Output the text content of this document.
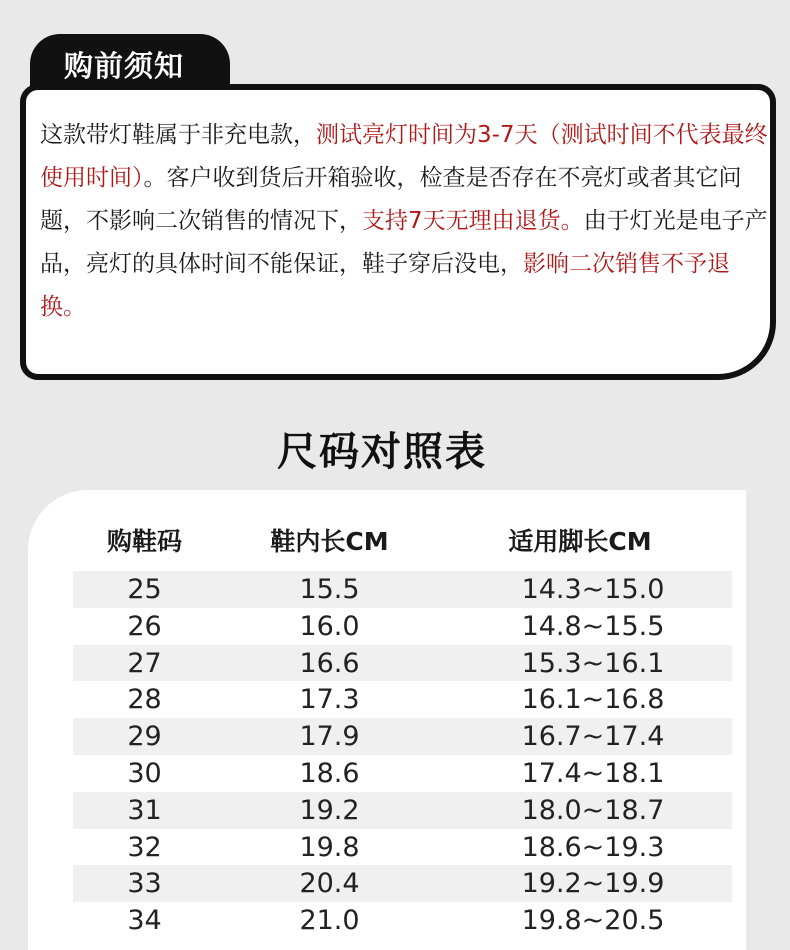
购前须知
这款带灯鞋属于非充电款，测试亮灯时间为3-7天（测试时间不代表最终使用时间）。客户收到货后开箱验收，检查是否存在不亮灯或者其它问题，不影响二次销售的情况下，支持7天无理由退货。由于灯光是电子产品，亮灯的具体时间不能保证，鞋子穿后没电，影响二次销售不予退换。
尺码对照表
购鞋码	鞋内长CM	适用脚长CM
25	15.5	14.3~15.0
26	16.0	14.8~15.5
27	16.6	15.3~16.1
28	17.3	16.1~16.8
29	17.9	16.7~17.4
30	18.6	17.4~18.1
31	19.2	18.0~18.7
32	19.8	18.6~19.3
33	20.4	19.2~19.9
34	21.0	19.8~20.5
